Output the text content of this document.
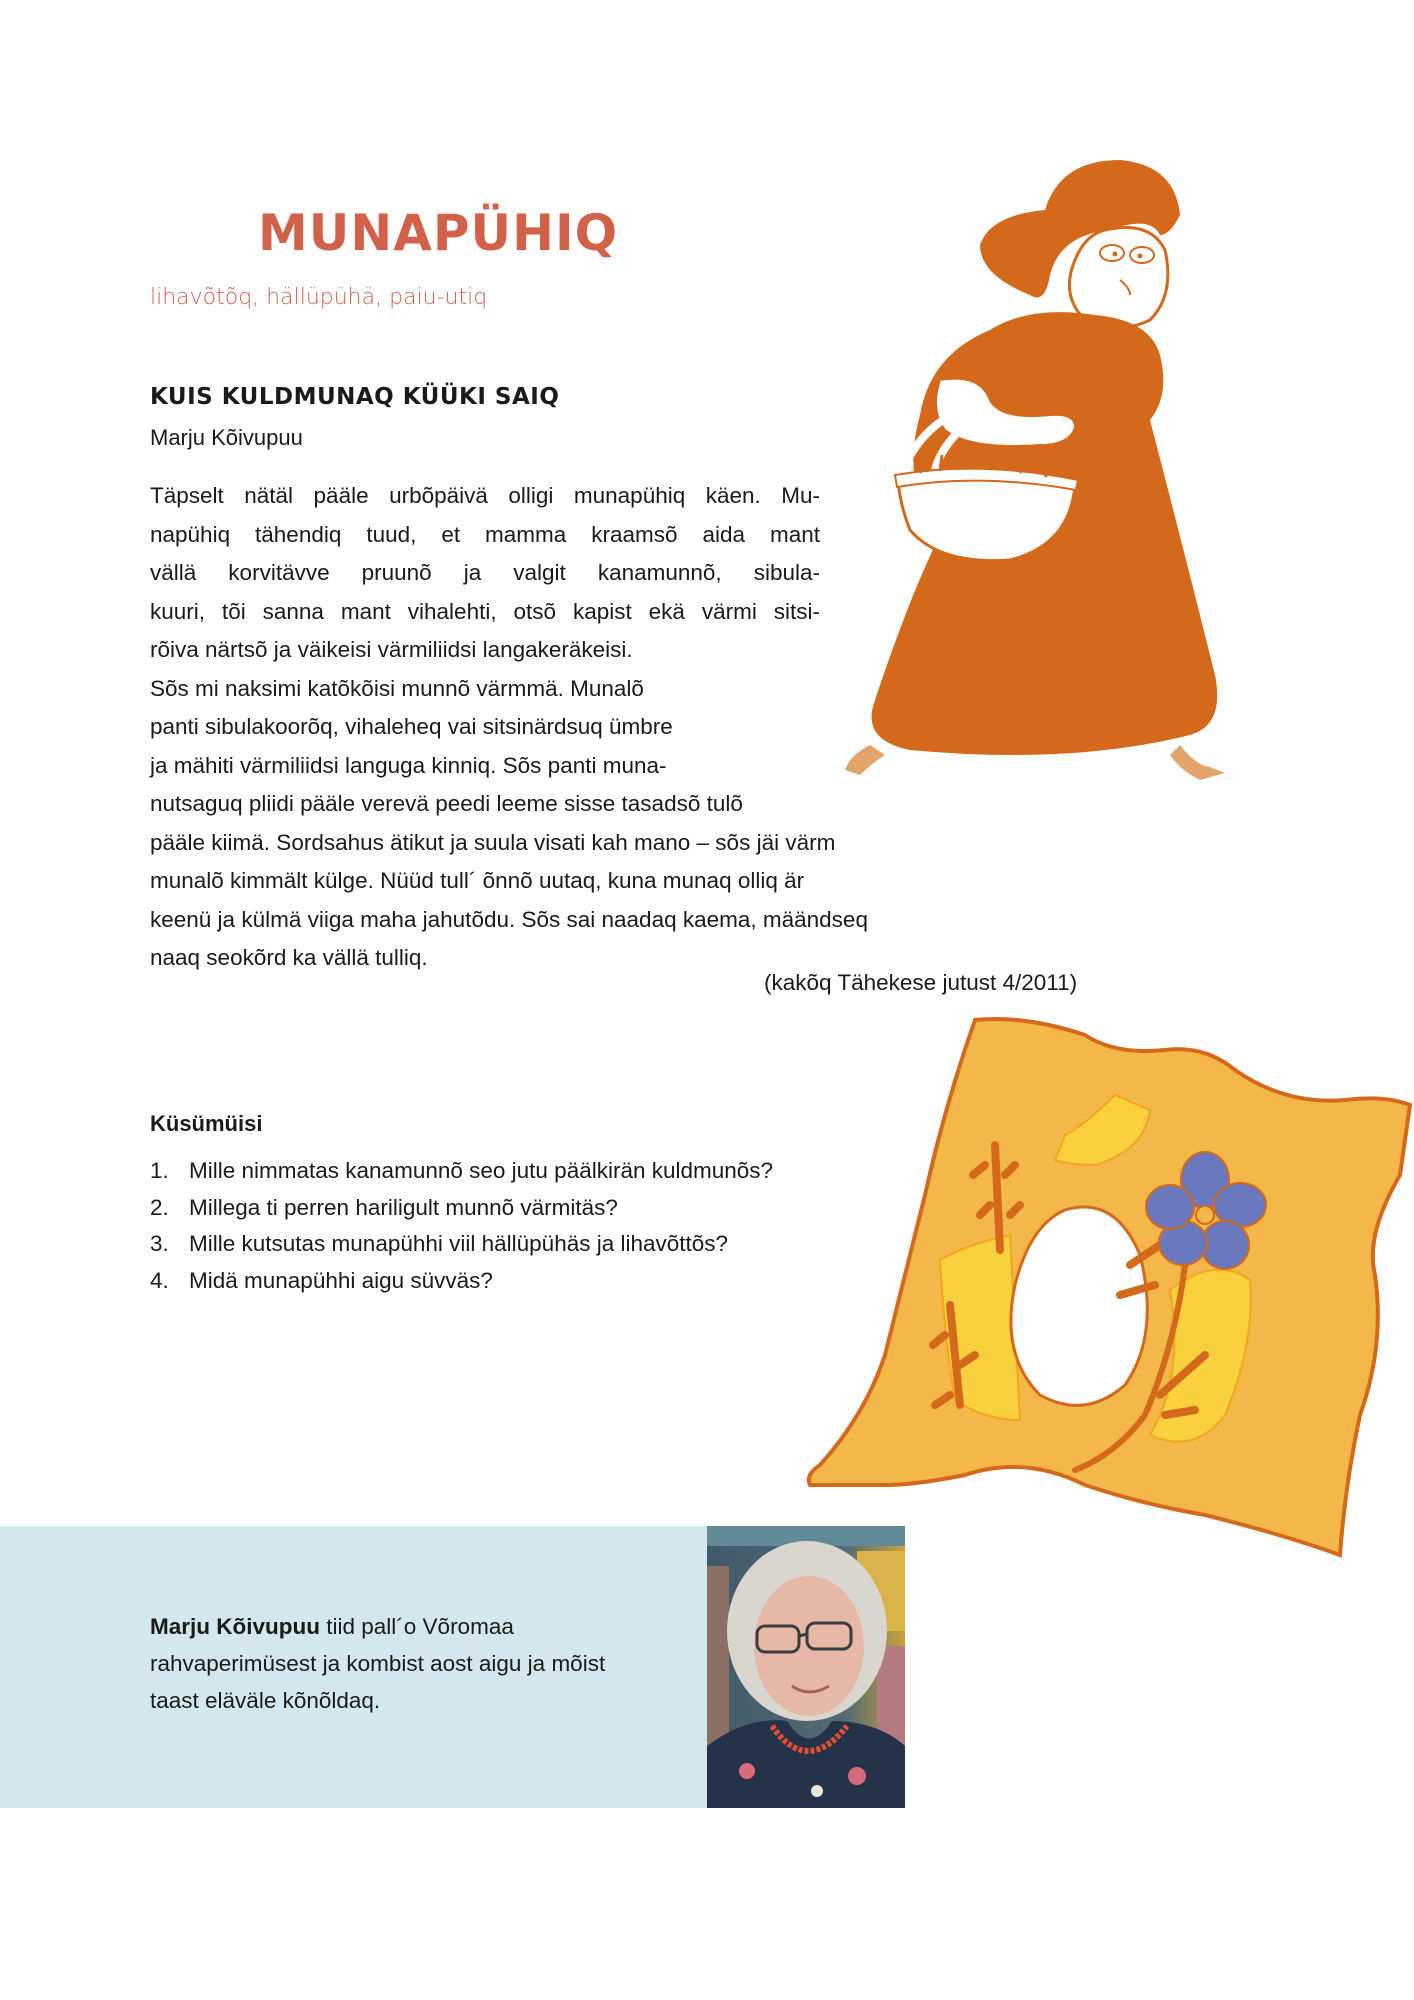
MUNAPÜHIQ
lihavõtõq, hällüpühä, paiu-utiq
KUIS KULDMUNAQ KÜÜKI SAIQ
Marju Kõivupuu
Täpselt nätäl pääle urbõpäivä olligi munapühiq käen. Mu-
napühiq tähendiq tuud, et mamma kraamsõ aida mant
vällä korvitävve pruunõ ja valgit kanamunnõ, sibula-
kuuri, tõi sanna mant vihalehti, otsõ kapist ekä värmi sitsi-
rõiva närtsõ ja väikeisi värmiliidsi langakeräkeisi.
Sõs mi naksimi katõkõisi munnõ värmmä. Munalõ
panti sibulakoorõq, vihaleheq vai sitsinärdsuq ümbre
ja mähiti värmiliidsi languga kinniq. Sõs panti muna-
nutsaguq pliidi pääle verevä peedi leeme sisse tasadsõ tulõ
pääle kiimä. Sordsahus ätikut ja suula visati kah mano – sõs jäi värm
munalõ kimmält külge. Nüüd tull´ õnnõ uutaq, kuna munaq olliq är
keenü ja külmä viiga maha jahutõdu. Sõs sai naadaq kaema, määndseq
naaq seokõrd ka vällä tulliq.
(kakõq Tähekese jutust 4/2011)
Küsümüisi
1. Mille nimmatas kanamunnõ seo jutu päälkirän kuldmunõs?
2. Millega ti perren hariligult munnõ värmitäs?
3. Mille kutsutas munapühhi viil hällüpühäs ja lihavõttõs?
4. Midä munapühhi aigu süvväs?
Marju Kõivupuu tiid pall´o Võromaa rahvaperimüsest ja kombist aost aigu ja mõist taast eläväle kõnõldaq.
